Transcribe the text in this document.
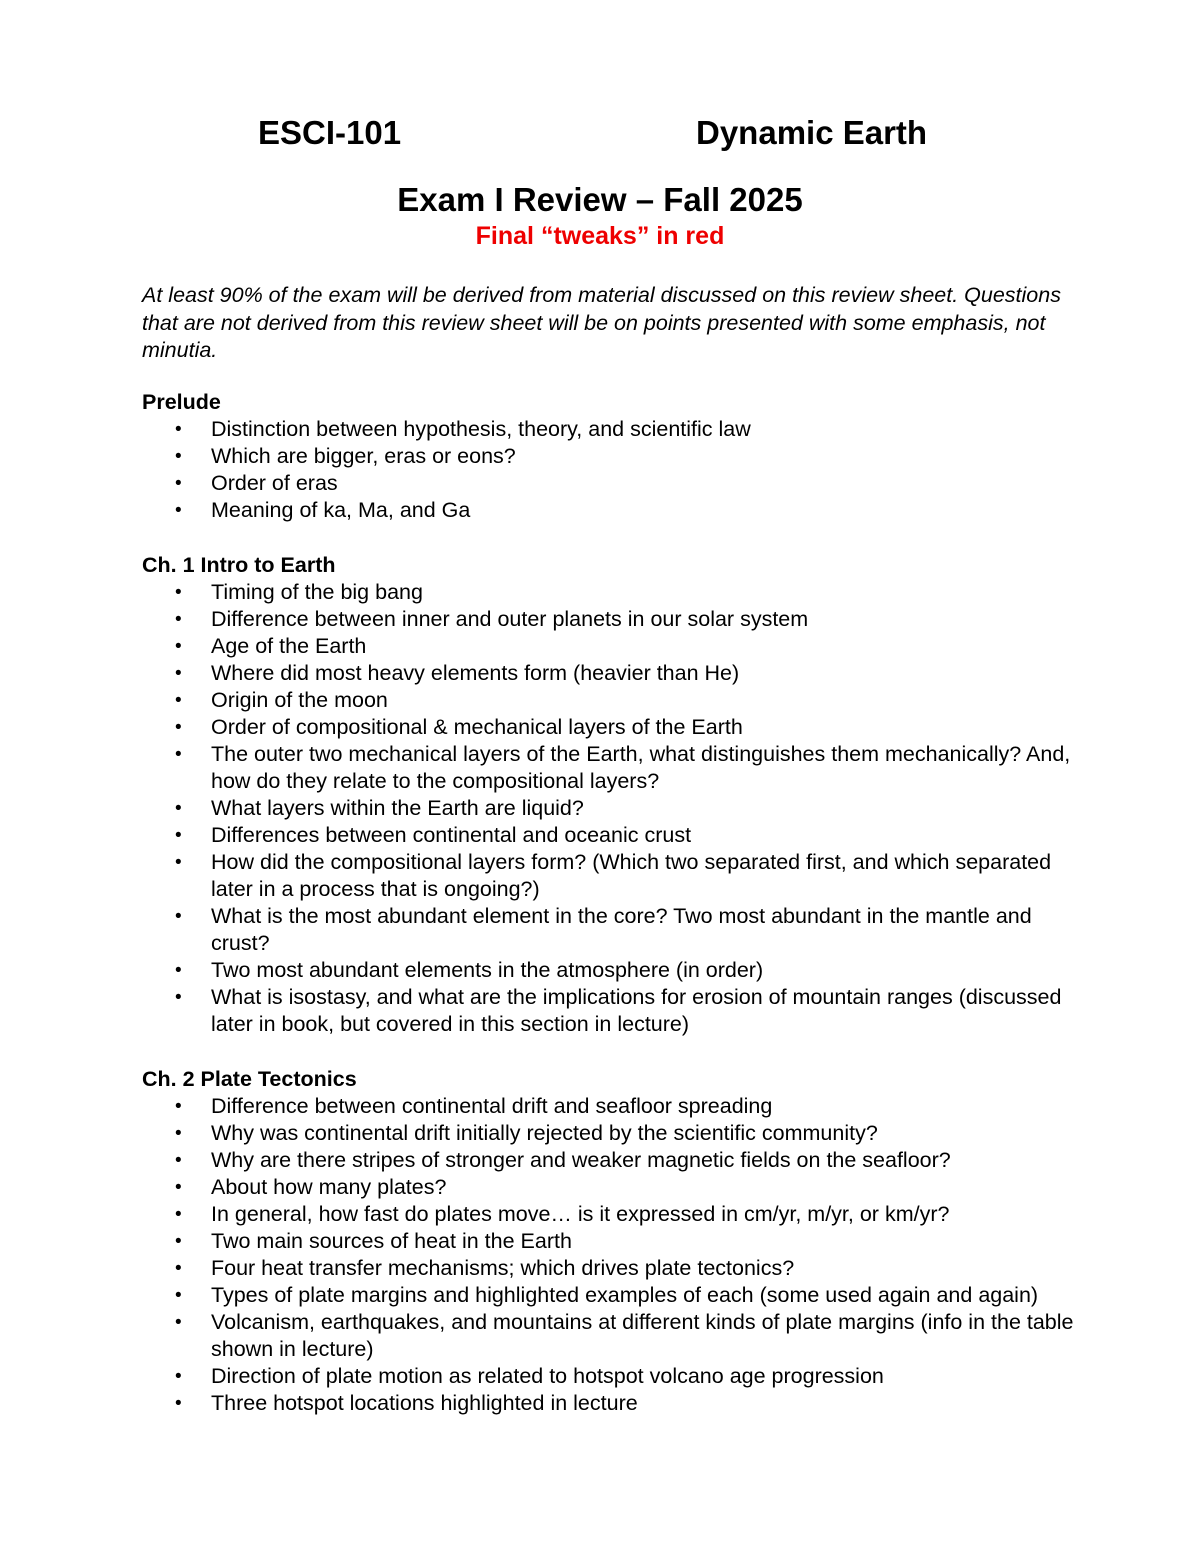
ESCI-101	Dynamic Earth
Exam I Review – Fall 2025
Final “tweaks” in red
At least 90% of the exam will be derived from material discussed on this review sheet. Questions that are not derived from this review sheet will be on points presented with some emphasis, not minutia.
Prelude
• Distinction between hypothesis, theory, and scientific law
• Which are bigger, eras or eons?
• Order of eras
• Meaning of ka, Ma, and Ga
Ch. 1 Intro to Earth
• Timing of the big bang
• Difference between inner and outer planets in our solar system
• Age of the Earth
• Where did most heavy elements form (heavier than He)
• Origin of the moon
• Order of compositional & mechanical layers of the Earth
• The outer two mechanical layers of the Earth, what distinguishes them mechanically? And, how do they relate to the compositional layers?
• What layers within the Earth are liquid?
• Differences between continental and oceanic crust
• How did the compositional layers form? (Which two separated first, and which separated later in a process that is ongoing?)
• What is the most abundant element in the core? Two most abundant in the mantle and crust?
• Two most abundant elements in the atmosphere (in order)
• What is isostasy, and what are the implications for erosion of mountain ranges (discussed later in book, but covered in this section in lecture)
Ch. 2 Plate Tectonics
• Difference between continental drift and seafloor spreading
• Why was continental drift initially rejected by the scientific community?
• Why are there stripes of stronger and weaker magnetic fields on the seafloor?
• About how many plates?
• In general, how fast do plates move… is it expressed in cm/yr, m/yr, or km/yr?
• Two main sources of heat in the Earth
• Four heat transfer mechanisms; which drives plate tectonics?
• Types of plate margins and highlighted examples of each (some used again and again)
• Volcanism, earthquakes, and mountains at different kinds of plate margins (info in the table shown in lecture)
• Direction of plate motion as related to hotspot volcano age progression
• Three hotspot locations highlighted in lecture
